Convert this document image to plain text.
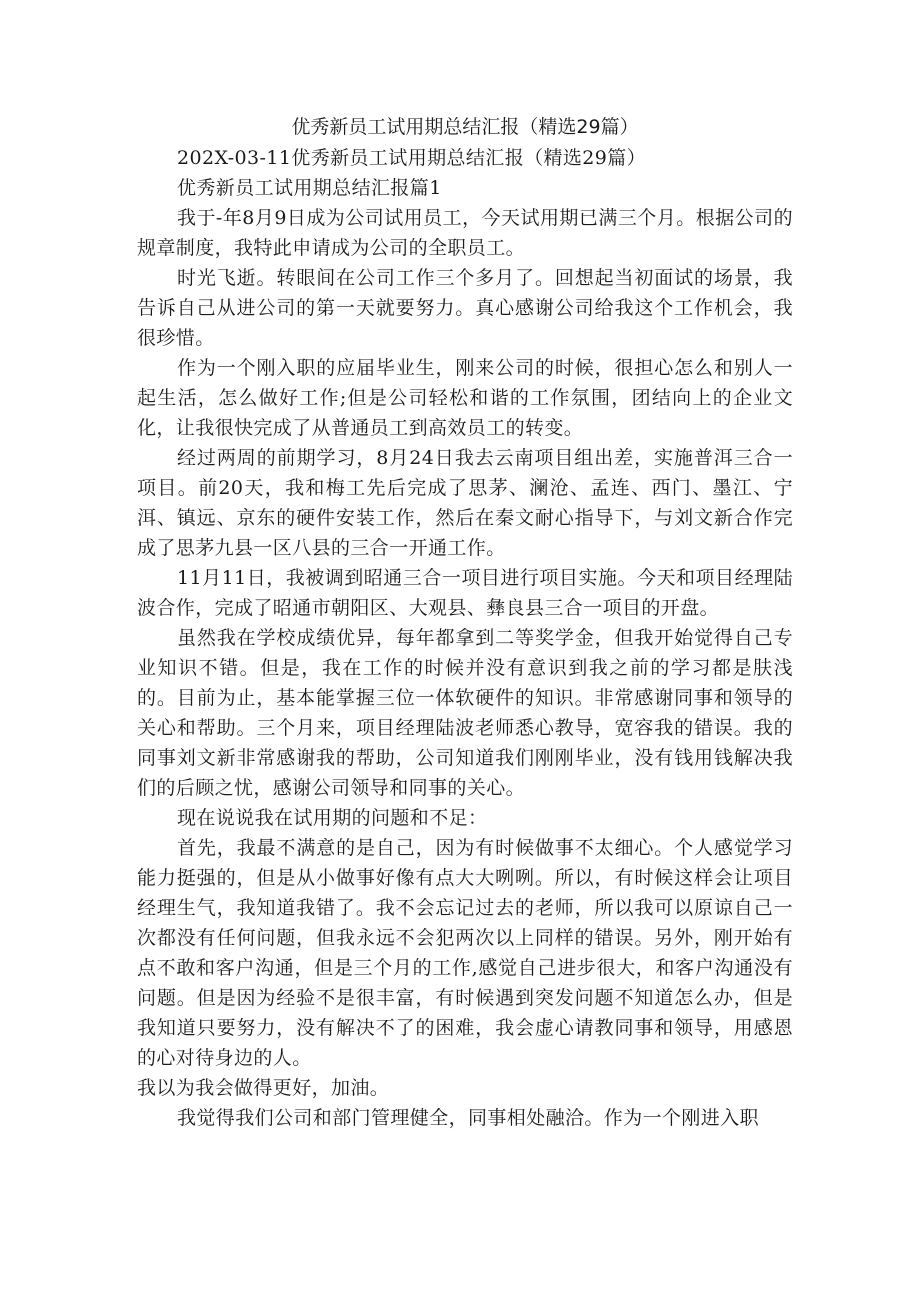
优秀新员工试用期总结汇报（精选29篇）

202X-03-11优秀新员工试用期总结汇报（精选29篇）

优秀新员工试用期总结汇报篇1

我于-年8月9日成为公司试用员工，今天试用期已满三个月。根据公司的规章制度，我特此申请成为公司的全职员工。

时光飞逝。转眼间在公司工作三个多月了。回想起当初面试的场景，我告诉自己从进公司的第一天就要努力。真心感谢公司给我这个工作机会，我很珍惜。

作为一个刚入职的应届毕业生，刚来公司的时候，很担心怎么和别人一起生活，怎么做好工作;但是公司轻松和谐的工作氛围，团结向上的企业文化，让我很快完成了从普通员工到高效员工的转变。

经过两周的前期学习，8月24日我去云南项目组出差，实施普洱三合一项目。前20天，我和梅工先后完成了思茅、澜沧、孟连、西门、墨江、宁洱、镇远、京东的硬件安装工作，然后在秦文耐心指导下，与刘文新合作完成了思茅九县一区八县的三合一开通工作。

11月11日，我被调到昭通三合一项目进行项目实施。今天和项目经理陆波合作，完成了昭通市朝阳区、大观县、彝良县三合一项目的开盘。

虽然我在学校成绩优异，每年都拿到二等奖学金，但我开始觉得自己专业知识不错。但是，我在工作的时候并没有意识到我之前的学习都是肤浅的。目前为止，基本能掌握三位一体软硬件的知识。非常感谢同事和领导的关心和帮助。三个月来，项目经理陆波老师悉心教导，宽容我的错误。我的同事刘文新非常感谢我的帮助，公司知道我们刚刚毕业，没有钱用钱解决我们的后顾之忧，感谢公司领导和同事的关心。

现在说说我在试用期的问题和不足：

首先，我最不满意的是自己，因为有时候做事不太细心。个人感觉学习能力挺强的，但是从小做事好像有点大大咧咧。所以，有时候这样会让项目经理生气，我知道我错了。我不会忘记过去的老师，所以我可以原谅自己一次都没有任何问题，但我永远不会犯两次以上同样的错误。另外，刚开始有点不敢和客户沟通，但是三个月的工作,感觉自己进步很大，和客户沟通没有问题。但是因为经验不是很丰富，有时候遇到突发问题不知道怎么办，但是我知道只要努力，没有解决不了的困难，我会虚心请教同事和领导，用感恩的心对待身边的人。

我以为我会做得更好，加油。

我觉得我们公司和部门管理健全，同事相处融洽。作为一个刚进入职
